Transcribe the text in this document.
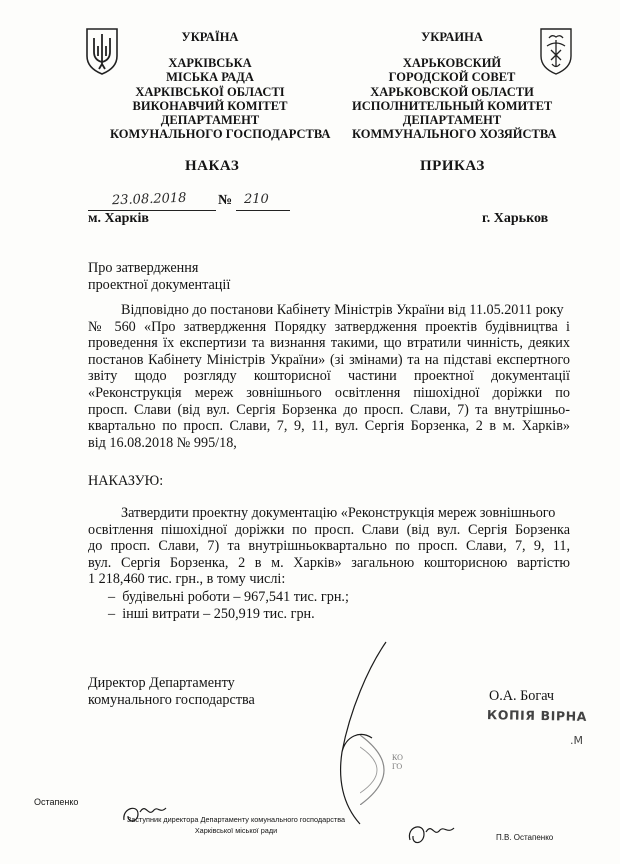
УКРАЇНА
ХАРКІВСЬКА
МІСЬКА РАДА
ХАРКІВСЬКОЇ ОБЛАСТІ
ВИКОНАВЧИЙ КОМІТЕТ
ДЕПАРТАМЕНТ
КОМУНАЛЬНОГО ГОСПОДАРСТВА
УКРАИНА
ХАРЬКОВСКИЙ
ГОРОДСКОЙ СОВЕТ
ХАРЬКОВСКОЙ ОБЛАСТИ
ИСПОЛНИТЕЛЬНЫЙ КОМИТЕТ
ДЕПАРТАМЕНТ
КОММУНАЛЬНОГО ХОЗЯЙСТВА
НАКАЗ	ПРИКАЗ
23.08.2018 № 210
м. Харків	г. Харьков
Про затвердження
проектної документації
Відповідно до постанови Кабінету Міністрів України від 11.05.2011 року
№ 560 «Про затвердження Порядку затвердження проектів будівництва і
проведення їх експертизи та визнання такими, що втратили чинність, деяких
постанов Кабінету Міністрів України» (зі змінами) та на підставі експертного
звіту щодо розгляду кошторисної частини проектної документації
«Реконструкція мереж зовнішнього освітлення пішохідної доріжки по
просп. Слави (від вул. Сергія Борзенка до просп. Слави, 7) та внутрішньо-
квартально по просп. Слави, 7, 9, 11, вул. Сергія Борзенка, 2 в м. Харків»
від 16.08.2018 № 995/18,
НАКАЗУЮ:
Затвердити проектну документацію «Реконструкція мереж зовнішнього
освітлення пішохідної доріжки по просп. Слави (від вул. Сергія Борзенка
до просп. Слави, 7) та внутрішньоквартально по просп. Слави, 7, 9, 11,
вул. Сергія Борзенка, 2 в м. Харків» загальною кошторисною вартістю
1 218,460 тис. грн., в тому числі:
–  будівельні роботи – 967,541 тис. грн.;
–  інші витрати – 250,919 тис. грн.
Директор Департаменту
комунального господарства	О.А. Богач
КО
ГО
КОПІЯ ВІРНА
.М
Остапенко
Заступник директора Департаменту комунального господарства
Харківської міської ради
П.В. Остапенко
